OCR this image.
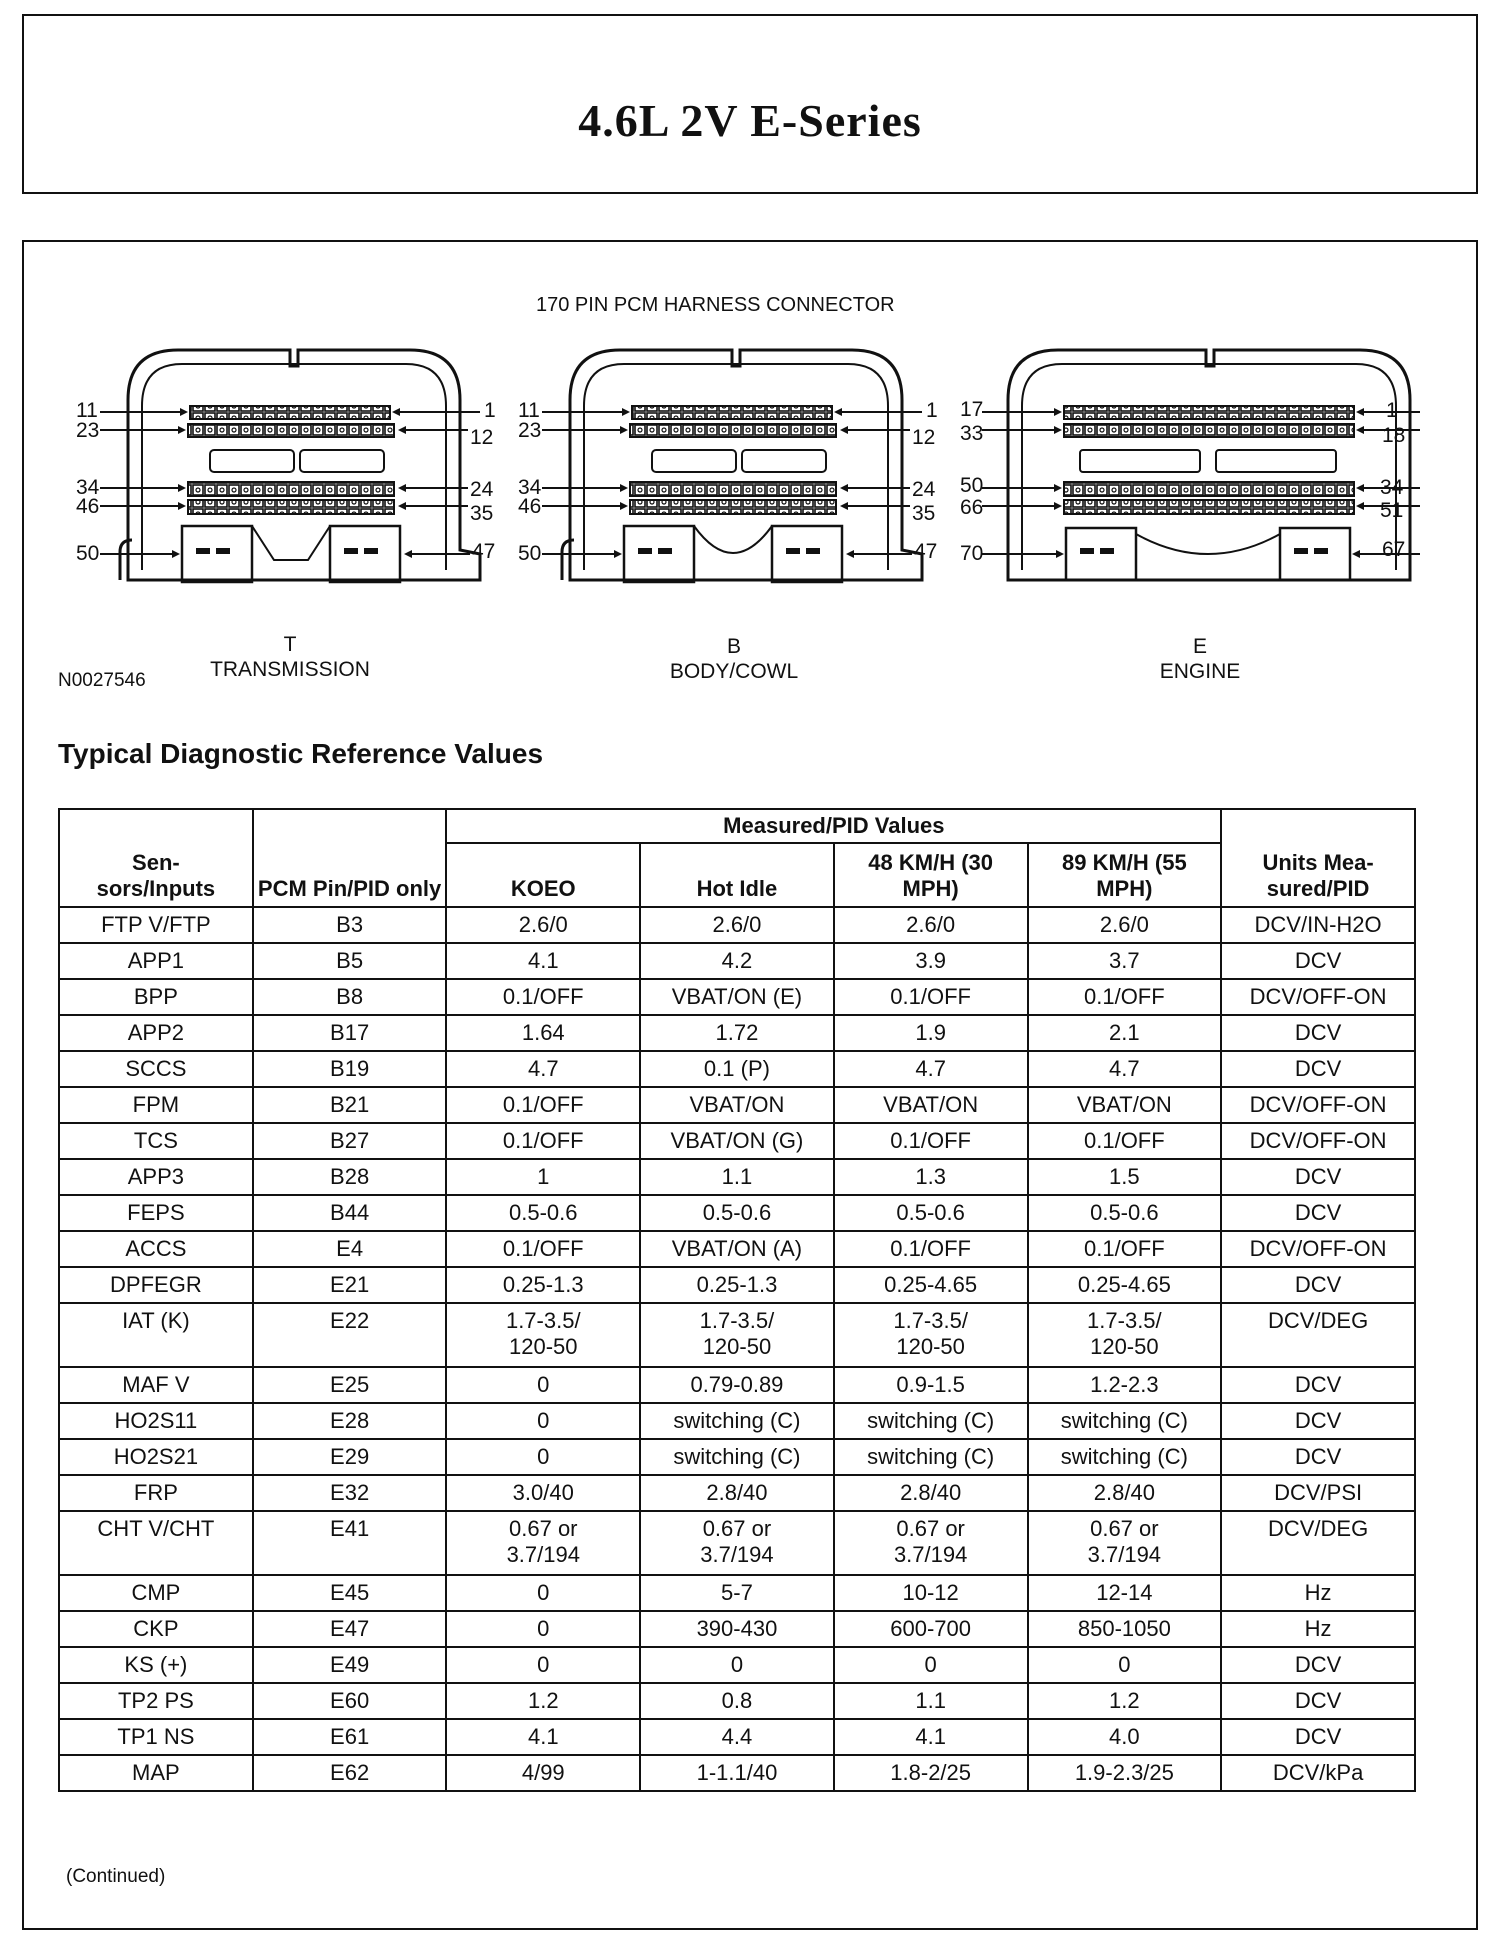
4.6L 2V E-Series
170 PIN PCM HARNESS CONNECTOR
11
23
34
46
50
1
12
24
35
47
11
23
34
46
50
1
12
24
35
47
17
33
50
66
70
1
18
34
51
67
T
TRANSMISSION
B
BODY/COWL
E
ENGINE
N0027546
Typical Diagnostic Reference Values
Sen-
sors/Inputs	PCM Pin/PID only	Measured/PID Values				Units Mea-
sured/PID
		KOEO	Hot Idle	48 KM/H (30 MPH)	89 KM/H (55 MPH)	
FTP V/FTP	B3	2.6/0	2.6/0	2.6/0	2.6/0	DCV/IN-H2O
APP1	B5	4.1	4.2	3.9	3.7	DCV
BPP	B8	0.1/OFF	VBAT/ON (E)	0.1/OFF	0.1/OFF	DCV/OFF-ON
APP2	B17	1.64	1.72	1.9	2.1	DCV
SCCS	B19	4.7	0.1 (P)	4.7	4.7	DCV
FPM	B21	0.1/OFF	VBAT/ON	VBAT/ON	VBAT/ON	DCV/OFF-ON
TCS	B27	0.1/OFF	VBAT/ON (G)	0.1/OFF	0.1/OFF	DCV/OFF-ON
APP3	B28	1	1.1	1.3	1.5	DCV
FEPS	B44	0.5-0.6	0.5-0.6	0.5-0.6	0.5-0.6	DCV
ACCS	E4	0.1/OFF	VBAT/ON (A)	0.1/OFF	0.1/OFF	DCV/OFF-ON
DPFEGR	E21	0.25-1.3	0.25-1.3	0.25-4.65	0.25-4.65	DCV
IAT (K)	E22	1.7-3.5/
120-50	1.7-3.5/
120-50	1.7-3.5/
120-50	1.7-3.5/
120-50	DCV/DEG
MAF V	E25	0	0.79-0.89	0.9-1.5	1.2-2.3	DCV
HO2S11	E28	0	switching (C)	switching (C)	switching (C)	DCV
HO2S21	E29	0	switching (C)	switching (C)	switching (C)	DCV
FRP	E32	3.0/40	2.8/40	2.8/40	2.8/40	DCV/PSI
CHT V/CHT	E41	0.67 or
3.7/194	0.67 or
3.7/194	0.67 or
3.7/194	0.67 or
3.7/194	DCV/DEG
CMP	E45	0	5-7	10-12	12-14	Hz
CKP	E47	0	390-430	600-700	850-1050	Hz
KS (+)	E49	0	0	0	0	DCV
TP2 PS	E60	1.2	0.8	1.1	1.2	DCV
TP1 NS	E61	4.1	4.4	4.1	4.0	DCV
MAP	E62	4/99	1-1.1/40	1.8-2/25	1.9-2.3/25	DCV/kPa
(Continued)
